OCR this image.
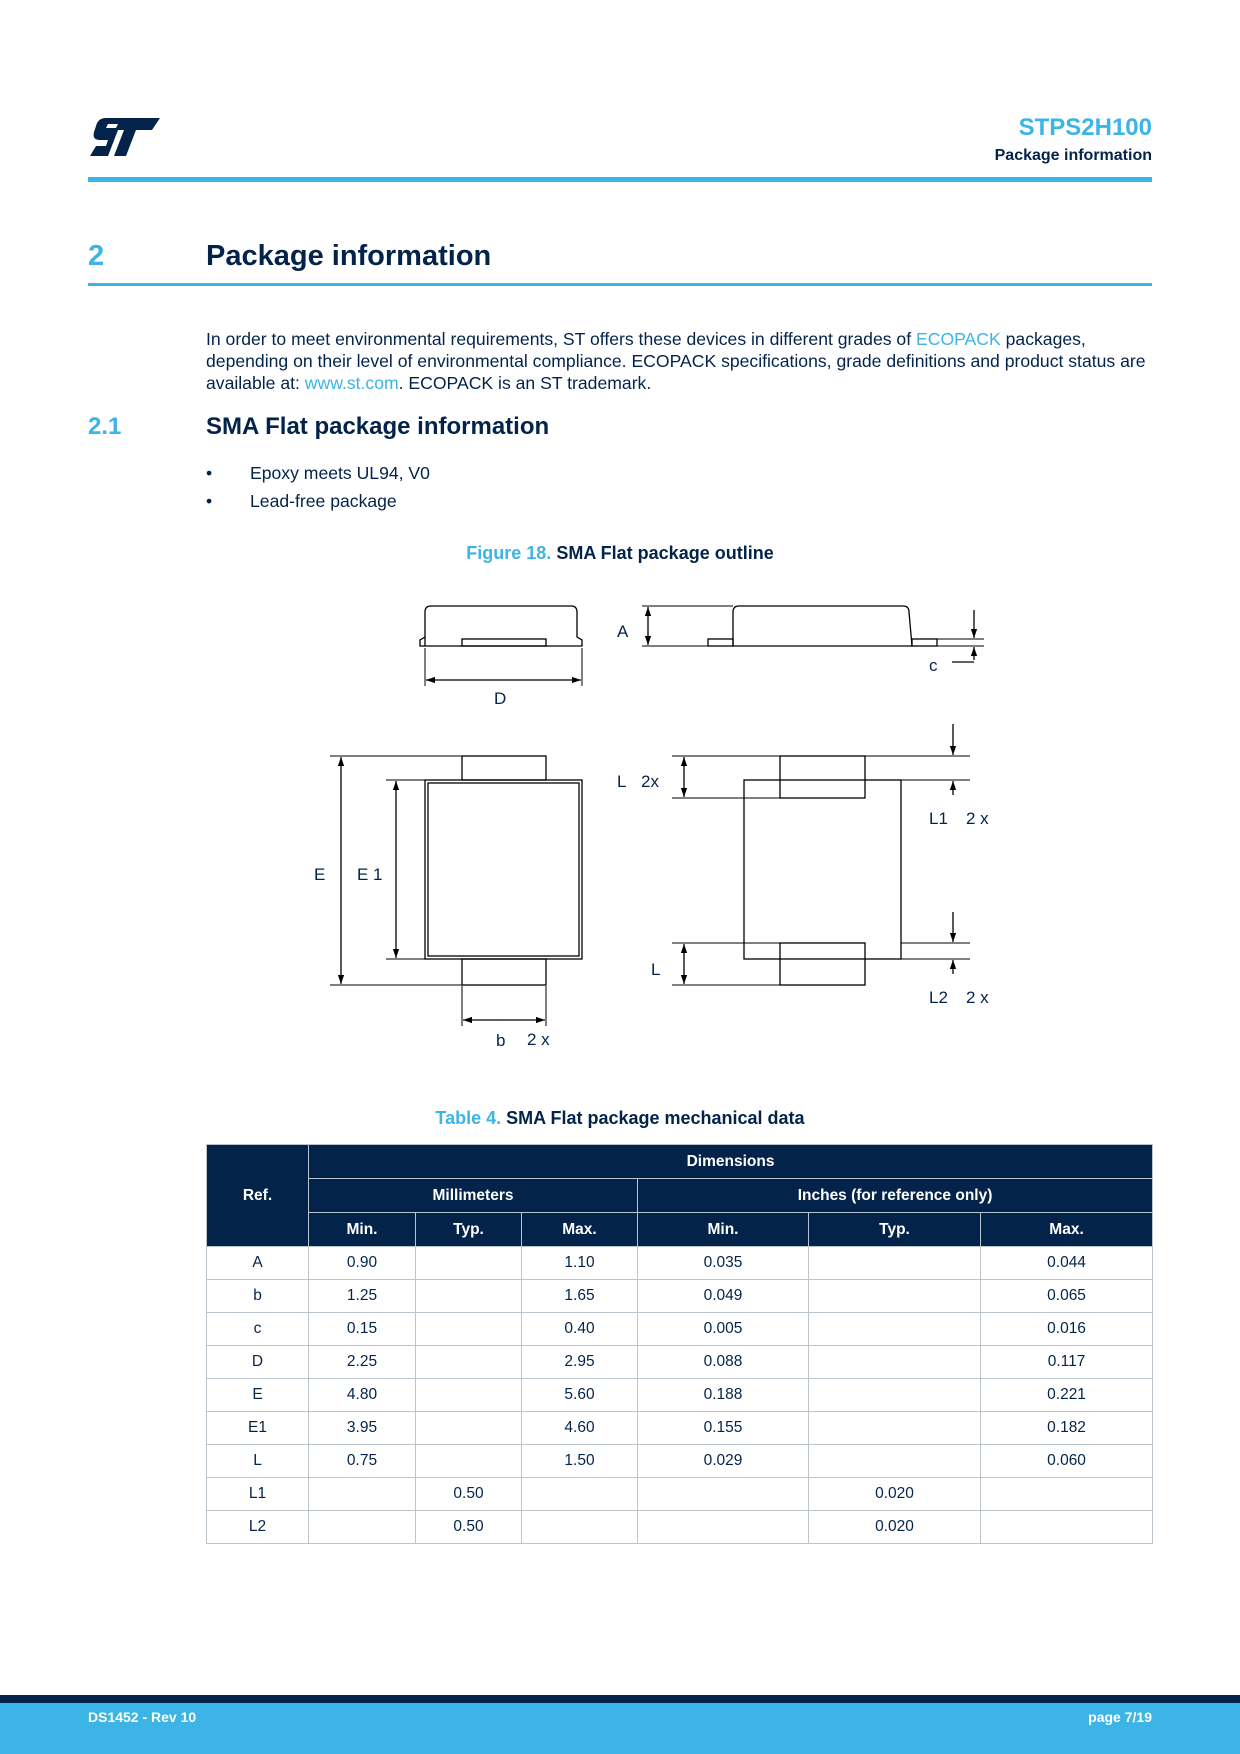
STPS2H100
Package information
2	Package information
In order to meet environmental requirements, ST offers these devices in different grades of ECOPACK packages, depending on their level of environmental compliance. ECOPACK specifications, grade definitions and product status are available at: www.st.com. ECOPACK is an ST trademark.
2.1	SMA Flat package information
•	Epoxy meets UL94, V0
•	Lead-free package
Figure 18. SMA Flat package outline
A
c
D
E E 1
b 2 x
L 2x
L
L1 2 x
L2 2 x
Table 4. SMA Flat package mechanical data
Ref.	Dimensions					
	Millimeters			Inches (for reference only)		
	Min.	Typ.	Max.	Min.	Typ.	Max.
A	0.90		1.10	0.035		0.044
b	1.25		1.65	0.049		0.065
c	0.15		0.40	0.005		0.016
D	2.25		2.95	0.088		0.117
E	4.80		5.60	0.188		0.221
E1	3.95		4.60	0.155		0.182
L	0.75		1.50	0.029		0.060
L1		0.50			0.020	
L2		0.50			0.020	
DS1452 - Rev 10	page 7/19
